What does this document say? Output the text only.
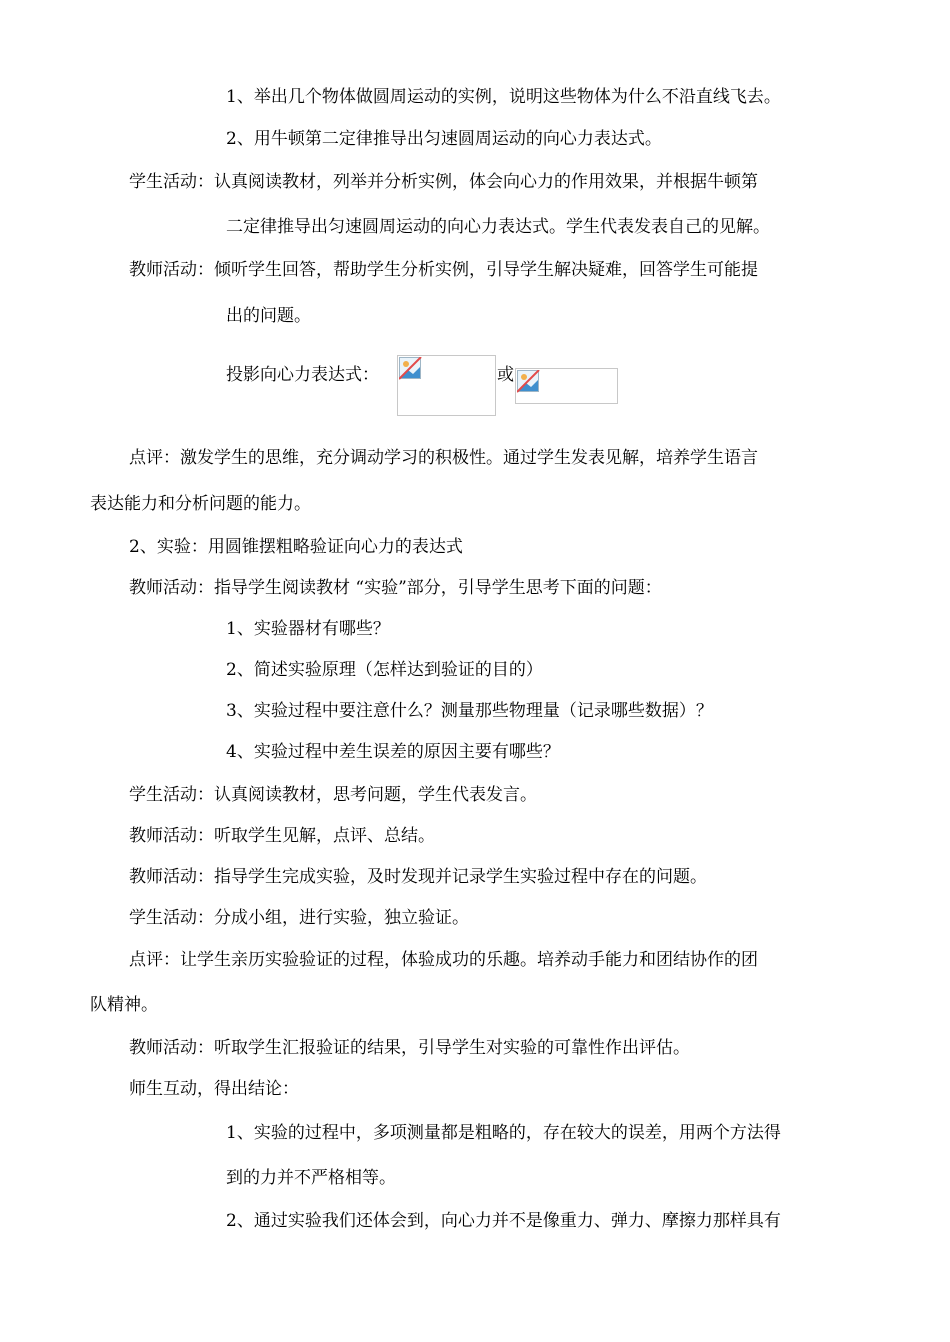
1、举出几个物体做圆周运动的实例，说明这些物体为什么不沿直线飞去。
2、用牛顿第二定律推导出匀速圆周运动的向心力表达式。
学生活动：认真阅读教材，列举并分析实例，体会向心力的作用效果，并根据牛顿第
二定律推导出匀速圆周运动的向心力表达式。学生代表发表自己的见解。
教师活动：倾听学生回答，帮助学生分析实例，引导学生解决疑难，回答学生可能提
出的问题。
投影向心力表达式：	或
点评：激发学生的思维，充分调动学习的积极性。通过学生发表见解，培养学生语言
表达能力和分析问题的能力。
2、实验：用圆锥摆粗略验证向心力的表达式
教师活动：指导学生阅读教材 “实验”部分，引导学生思考下面的问题：
1、实验器材有哪些？
2、简述实验原理（怎样达到验证的目的）
3、实验过程中要注意什么？测量那些物理量（记录哪些数据）？
4、实验过程中差生误差的原因主要有哪些？
学生活动：认真阅读教材，思考问题，学生代表发言。
教师活动：听取学生见解，点评、总结。
教师活动：指导学生完成实验，及时发现并记录学生实验过程中存在的问题。
学生活动：分成小组，进行实验，独立验证。
点评：让学生亲历实验验证的过程，体验成功的乐趣。培养动手能力和团结协作的团
队精神。
教师活动：听取学生汇报验证的结果，引导学生对实验的可靠性作出评估。
师生互动，得出结论：
1、实验的过程中，多项测量都是粗略的，存在较大的误差，用两个方法得
到的力并不严格相等。
2、通过实验我们还体会到，向心力并不是像重力、弹力、摩擦力那样具有
